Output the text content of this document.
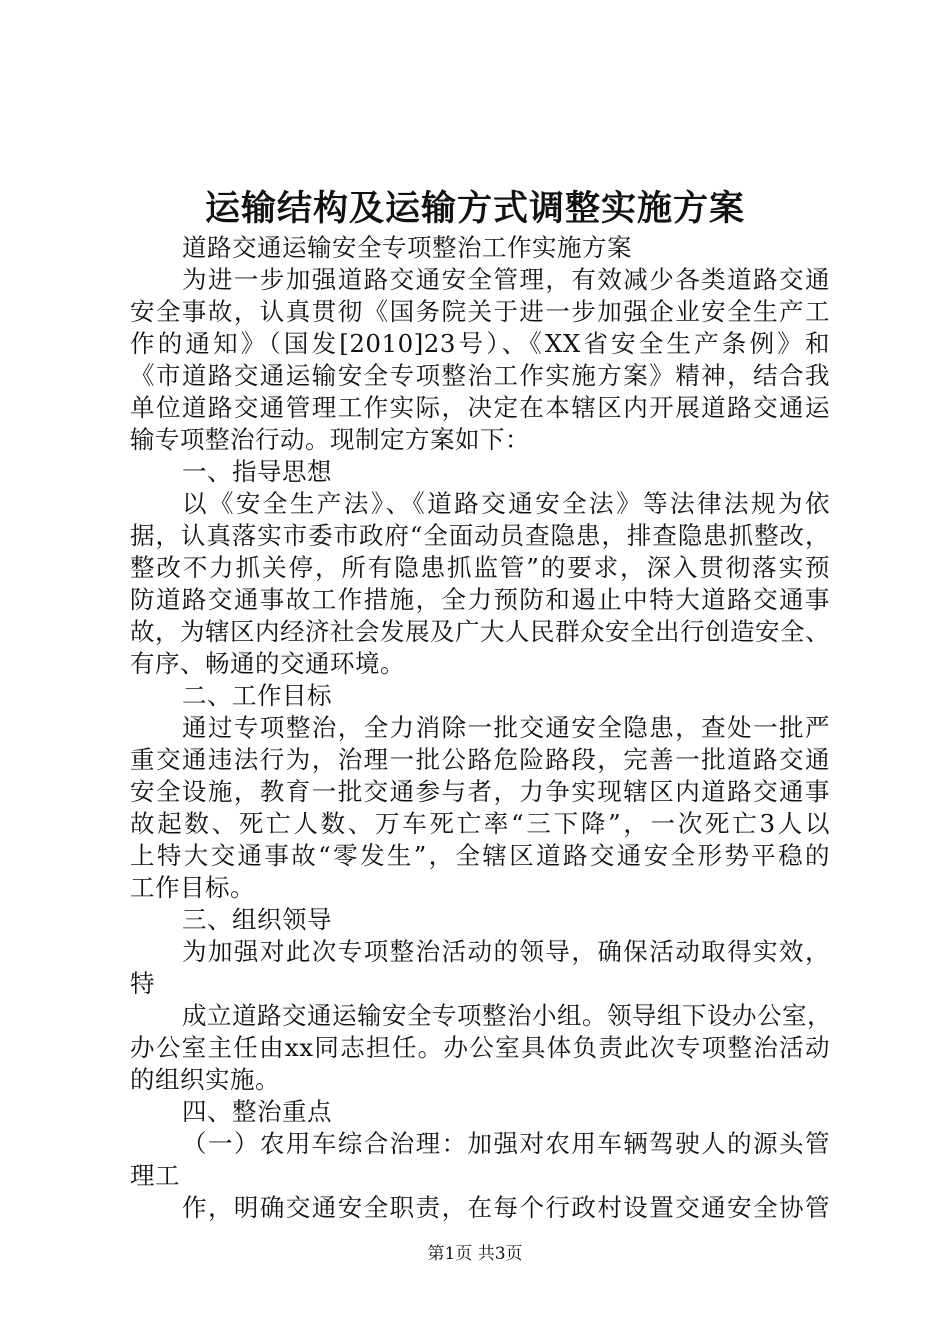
运输结构及运输方式调整实施方案
道路交通运输安全专项整治工作实施方案
为进一步加强道路交通安全管理，有效减少各类道路交通
安全事故，认真贯彻《国务院关于进一步加强企业安全生产工
作的通知》（国发[2010]23号）、《XX省安全生产条例》和
《市道路交通运输安全专项整治工作实施方案》精神，结合我
单位道路交通管理工作实际，决定在本辖区内开展道路交通运
输专项整治行动。现制定方案如下：
一、指导思想
以《安全生产法》、《道路交通安全法》等法律法规为依
据，认真落实市委市政府“全面动员查隐患，排查隐患抓整改，
整改不力抓关停，所有隐患抓监管”的要求，深入贯彻落实预
防道路交通事故工作措施，全力预防和遏止中特大道路交通事
故，为辖区内经济社会发展及广大人民群众安全出行创造安全、
有序、畅通的交通环境。
二、工作目标
通过专项整治，全力消除一批交通安全隐患，查处一批严
重交通违法行为，治理一批公路危险路段，完善一批道路交通
安全设施，教育一批交通参与者，力争实现辖区内道路交通事
故起数、死亡人数、万车死亡率“三下降”，一次死亡3人以
上特大交通事故“零发生”，全辖区道路交通安全形势平稳的
工作目标。
三、组织领导
为加强对此次专项整治活动的领导，确保活动取得实效，
特
成立道路交通运输安全专项整治小组。领导组下设办公室，
办公室主任由xx同志担任。办公室具体负责此次专项整治活动
的组织实施。
四、整治重点
（一）农用车综合治理：加强对农用车辆驾驶人的源头管
理工
作，明确交通安全职责，在每个行政村设置交通安全协管
第1页 共3页
